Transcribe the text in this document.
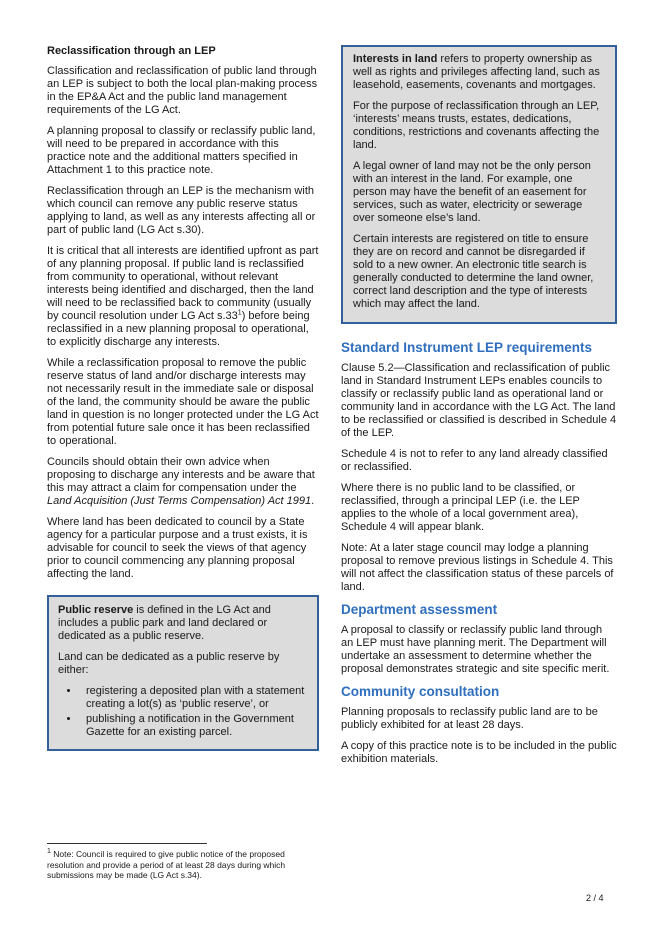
Reclassification through an LEP

Classification and reclassification of public land through an LEP is subject to both the local plan-making process in the EP&A Act and the public land management requirements of the LG Act.

A planning proposal to classify or reclassify public land, will need to be prepared in accordance with this practice note and the additional matters specified in Attachment 1 to this practice note.

Reclassification through an LEP is the mechanism with which council can remove any public reserve status applying to land, as well as any interests affecting all or part of public land (LG Act s.30).

It is critical that all interests are identified upfront as part of any planning proposal. If public land is reclassified from community to operational, without relevant interests being identified and discharged, then the land will need to be reclassified back to community (usually by council resolution under LG Act $s.33^1$) before being reclassified in a new planning proposal to operational, to explicitly discharge any interests.

While a reclassification proposal to remove the public reserve status of land and/or discharge interests may not necessarily result in the immediate sale or disposal of the land, the community should be aware the public land in question is no longer protected under the LG Act from potential future sale once it has been reclassified to operational.

Councils should obtain their own advice when proposing to discharge any interests and be aware that this may attract a claim for compensation under the Land Acquisition (Just Terms Compensation) Act 1991.

Where land has been dedicated to council by a State agency for a particular purpose and a trust exists, it is advisable for council to seek the views of that agency prior to council commencing any planning proposal affecting the land.

Public reserve is defined in the LG Act and includes a public park and land declared or dedicated as a public reserve.

Land can be dedicated as a public reserve by either:

• registering a deposited plan with a statement creating a lot(s) as ‘public reserve’, or
• publishing a notification in the Government Gazette for an existing parcel.

Interests in land refers to property ownership as well as rights and privileges affecting land, such as leasehold, easements, covenants and mortgages.

For the purpose of reclassification through an LEP, ‘interests’ means trusts, estates, dedications, conditions, restrictions and covenants affecting the land.

A legal owner of land may not be the only person with an interest in the land. For example, one person may have the benefit of an easement for services, such as water, electricity or sewerage over someone else’s land.

Certain interests are registered on title to ensure they are on record and cannot be disregarded if sold to a new owner. An electronic title search is generally conducted to determine the land owner, correct land description and the type of interests which may affect the land.

Standard Instrument LEP requirements

Clause 5.2—Classification and reclassification of public land in Standard Instrument LEPs enables councils to classify or reclassify public land as operational land or community land in accordance with the LG Act. The land to be reclassified or classified is described in Schedule 4 of the LEP.

Schedule 4 is not to refer to any land already classified or reclassified.

Where there is no public land to be classified, or reclassified, through a principal LEP (i.e. the LEP applies to the whole of a local government area), Schedule 4 will appear blank.

Note: At a later stage council may lodge a planning proposal to remove previous listings in Schedule 4. This will not affect the classification status of these parcels of land.

Department assessment

A proposal to classify or reclassify public land through an LEP must have planning merit. The Department will undertake an assessment to determine whether the proposal demonstrates strategic and site specific merit.

Community consultation

Planning proposals to reclassify public land are to be publicly exhibited for at least 28 days.

A copy of this practice note is to be included in the public exhibition materials.

$^1$ Note: Council is required to give public notice of the proposed resolution and provide a period of at least 28 days during which submissions may be made (LG Act s.34).
2 / 4
